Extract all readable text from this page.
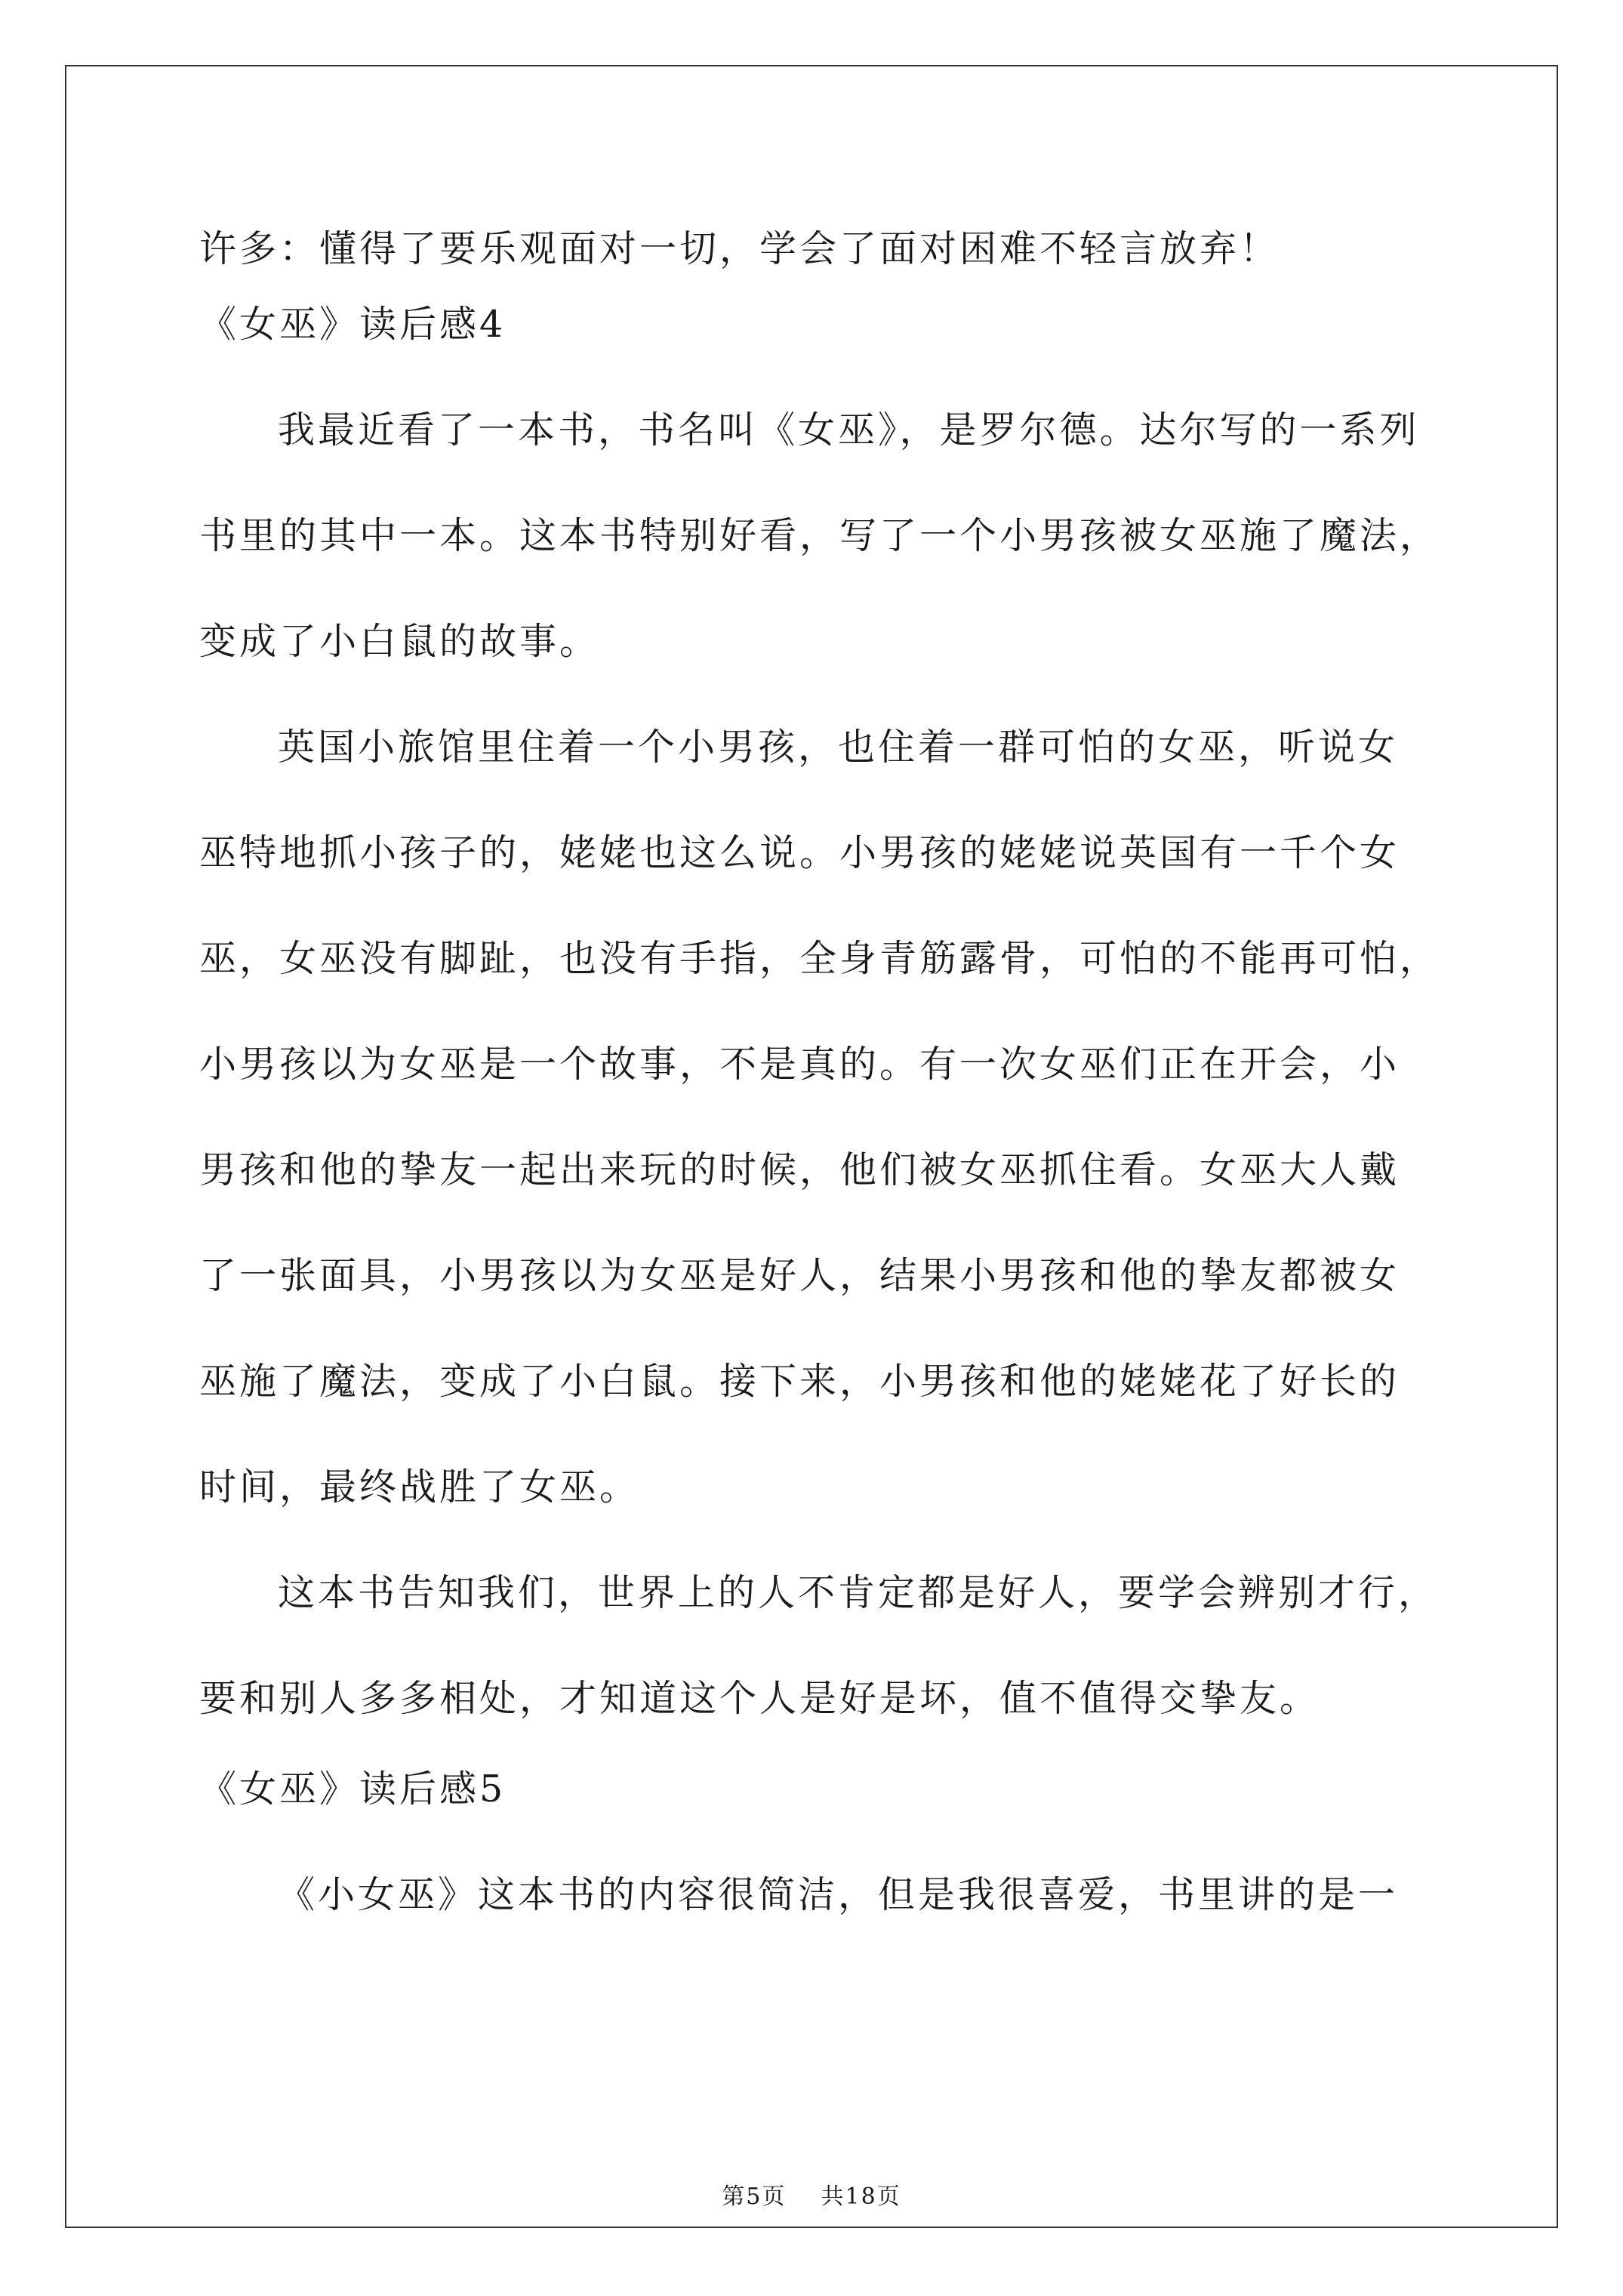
许多：懂得了要乐观面对一切，学会了面对困难不轻言放弃！
《女巫》读后感4
我最近看了一本书，书名叫《女巫》，是罗尔德。达尔写的一系列
书里的其中一本。这本书特别好看，写了一个小男孩被女巫施了魔法，
变成了小白鼠的故事。
英国小旅馆里住着一个小男孩，也住着一群可怕的女巫，听说女
巫特地抓小孩子的，姥姥也这么说。小男孩的姥姥说英国有一千个女
巫，女巫没有脚趾，也没有手指，全身青筋露骨，可怕的不能再可怕，
小男孩以为女巫是一个故事，不是真的。有一次女巫们正在开会，小
男孩和他的挚友一起出来玩的时候，他们被女巫抓住看。女巫大人戴
了一张面具，小男孩以为女巫是好人，结果小男孩和他的挚友都被女
巫施了魔法，变成了小白鼠。接下来，小男孩和他的姥姥花了好长的
时间，最终战胜了女巫。
这本书告知我们，世界上的人不肯定都是好人，要学会辨别才行，
要和别人多多相处，才知道这个人是好是坏，值不值得交挚友。
《女巫》读后感5
《小女巫》这本书的内容很简洁，但是我很喜爱，书里讲的是一
第5页 共18页
